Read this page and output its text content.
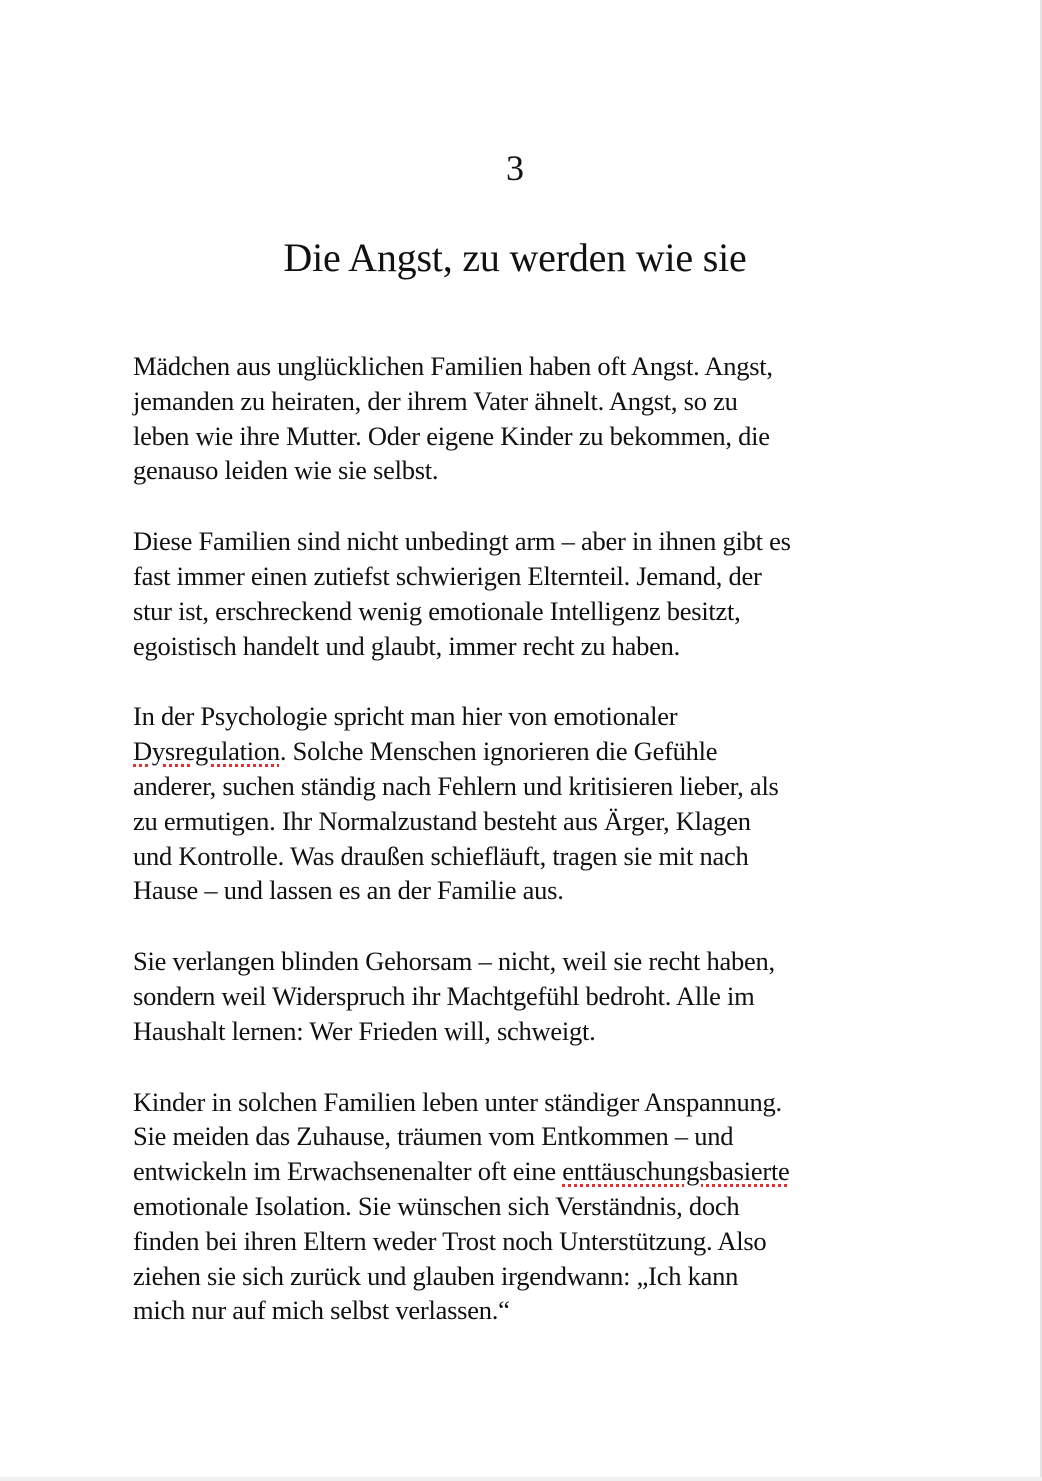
3
Die Angst, zu werden wie sie

Mädchen aus unglücklichen Familien haben oft Angst. Angst,
jemanden zu heiraten, der ihrem Vater ähnelt. Angst, so zu
leben wie ihre Mutter. Oder eigene Kinder zu bekommen, die
genauso leiden wie sie selbst.

Diese Familien sind nicht unbedingt arm – aber in ihnen gibt es
fast immer einen zutiefst schwierigen Elternteil. Jemand, der
stur ist, erschreckend wenig emotionale Intelligenz besitzt,
egoistisch handelt und glaubt, immer recht zu haben.

In der Psychologie spricht man hier von emotionaler
Dysregulation. Solche Menschen ignorieren die Gefühle
anderer, suchen ständig nach Fehlern und kritisieren lieber, als
zu ermutigen. Ihr Normalzustand besteht aus Ärger, Klagen
und Kontrolle. Was draußen schiefläuft, tragen sie mit nach
Hause – und lassen es an der Familie aus.

Sie verlangen blinden Gehorsam – nicht, weil sie recht haben,
sondern weil Widerspruch ihr Machtgefühl bedroht. Alle im
Haushalt lernen: Wer Frieden will, schweigt.

Kinder in solchen Familien leben unter ständiger Anspannung.
Sie meiden das Zuhause, träumen vom Entkommen – und
entwickeln im Erwachsenenalter oft eine enttäuschungsbasierte
emotionale Isolation. Sie wünschen sich Verständnis, doch
finden bei ihren Eltern weder Trost noch Unterstützung. Also
ziehen sie sich zurück und glauben irgendwann: „Ich kann
mich nur auf mich selbst verlassen.“
